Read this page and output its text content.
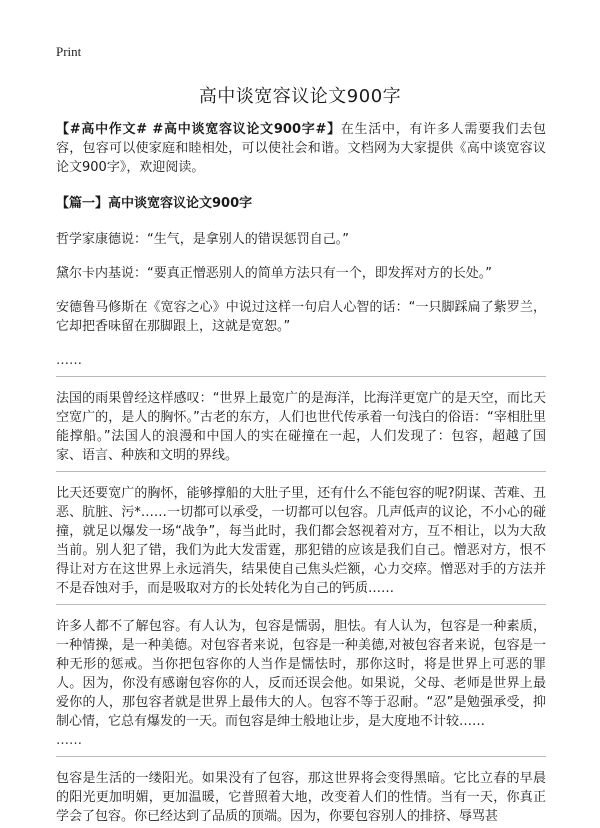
Print
高中谈宽容议论文900字

【#高中作文# #高中谈宽容议论文900字#】在生活中，有许多人需要我们去包容，包容可以使家庭和睦相处，可以使社会和谐。文档网为大家提供《高中谈宽容议论文900字》，欢迎阅读。

【篇一】高中谈宽容议论文900字

哲学家康德说：“生气，是拿别人的错误惩罚自己。”

黛尔卡内基说：“要真正憎恶别人的简单方法只有一个，即发挥对方的长处。”

安德鲁马修斯在《宽容之心》中说过这样一句启人心智的话：“一只脚踩扁了紫罗兰，它却把香味留在那脚跟上，这就是宽恕。”

……

法国的雨果曾经这样感叹：“世界上最宽广的是海洋，比海洋更宽广的是天空，而比天空宽广的，是人的胸怀。”古老的东方，人们也世代传承着一句浅白的俗语：“宰相肚里能撑船。”法国人的浪漫和中国人的实在碰撞在一起，人们发现了：包容，超越了国家、语言、种族和文明的界线。

比天还要宽广的胸怀，能够撑船的大肚子里，还有什么不能包容的呢?阴谋、苦难、丑恶、肮脏、污*……一切都可以承受，一切都可以包容。几声低声的议论，不小心的碰撞，就足以爆发一场“战争”，每当此时，我们都会怒视着对方，互不相让，以为大敌当前。别人犯了错，我们为此大发雷霆，那犯错的应该是我们自己。憎恶对方，恨不得让对方在这世界上永远消失，结果使自己焦头烂额，心力交瘁。憎恶对手的方法并不是吞蚀对手，而是吸取对方的长处转化为自己的钙质……

许多人都不了解包容。有人认为，包容是懦弱，胆怯。有人认为，包容是一种素质，一种情操，是一种美德。对包容者来说，包容是一种美德,对被包容者来说，包容是一种无形的惩戒。当你把包容你的人当作是懦怯时，那你这时，将是世界上可恶的罪人。因为，你没有感谢包容你的人，反而还误会他。如果说，父母、老师是世界上最爱你的人，那包容者就是世界上最伟大的人。包容不等于忍耐。“忍”是勉强承受，抑制心情，它总有爆发的一天。而包容是绅士般地让步，是大度地不计较……

……

包容是生活的一缕阳光。如果没有了包容，那这世界将会变得黑暗。它比立春的早晨的阳光更加明媚，更加温暖，它普照着大地，改变着人们的性情。当有一天，你真正学会了包容。你已经达到了品质的顶端。因为，你要包容别人的排挤、辱骂甚
